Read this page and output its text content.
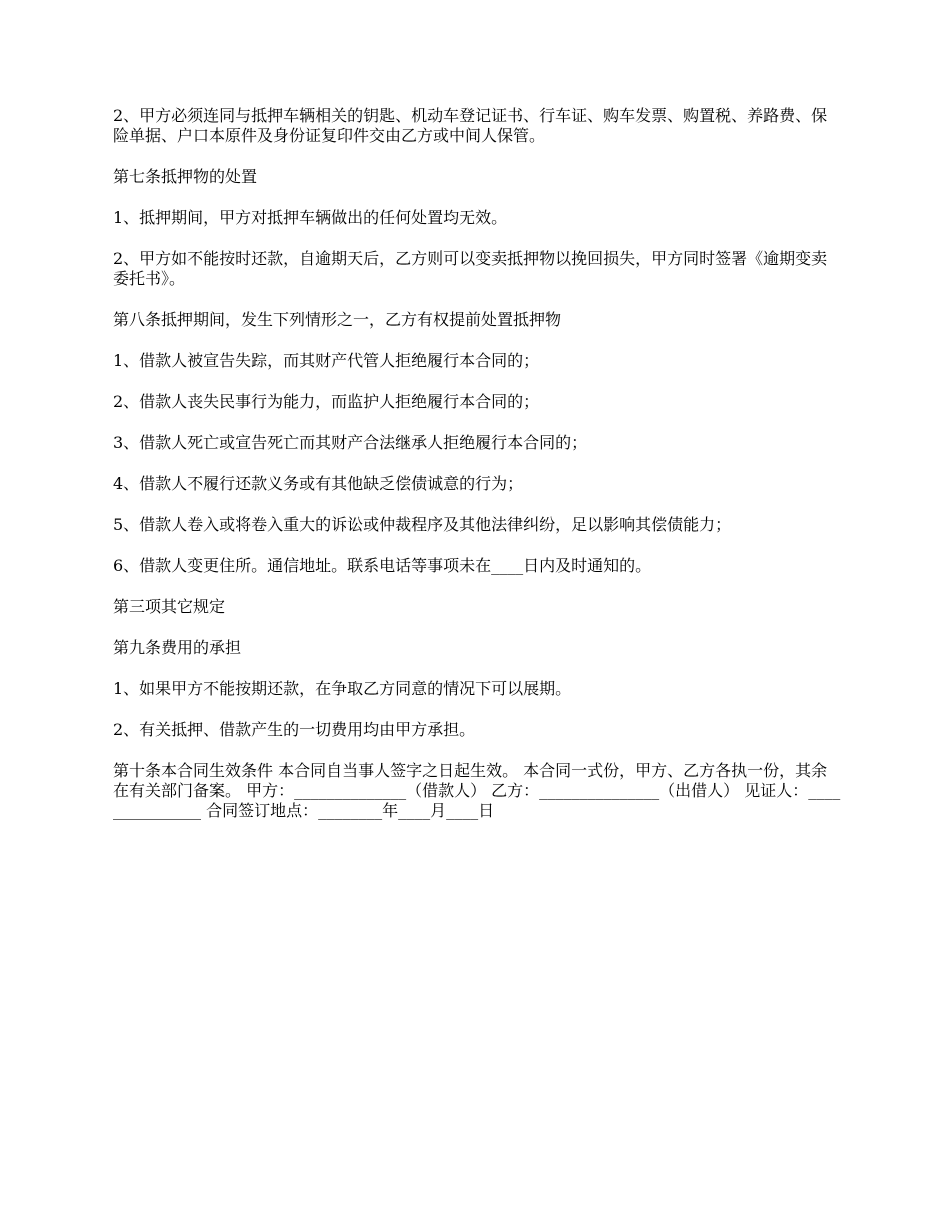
2、甲方必须连同与抵押车辆相关的钥匙、机动车登记证书、行车证、购车发票、购置税、养路费、保险单据、户口本原件及身份证复印件交由乙方或中间人保管。

第七条抵押物的处置

1、抵押期间，甲方对抵押车辆做出的任何处置均无效。

2、甲方如不能按时还款，自逾期天后，乙方则可以变卖抵押物以挽回损失，甲方同时签署《逾期变卖委托书》。

第八条抵押期间，发生下列情形之一，乙方有权提前处置抵押物

1、借款人被宣告失踪，而其财产代管人拒绝履行本合同的；

2、借款人丧失民事行为能力，而监护人拒绝履行本合同的；

3、借款人死亡或宣告死亡而其财产合法继承人拒绝履行本合同的；

4、借款人不履行还款义务或有其他缺乏偿债诚意的行为；

5、借款人卷入或将卷入重大的诉讼或仲裁程序及其他法律纠纷，足以影响其偿债能力；

6、借款人变更住所。通信地址。联系电话等事项未在____日内及时通知的。

第三项其它规定

第九条费用的承担

1、如果甲方不能按期还款，在争取乙方同意的情况下可以展期。

2、有关抵押、借款产生的一切费用均由甲方承担。

第十条本合同生效条件 本合同自当事人签字之日起生效。 本合同一式份，甲方、乙方各执一份，其余在有关部门备案。 甲方：______________（借款人） 乙方：_______________（出借人） 见证人：_______________ 合同签订地点：________年____月____日
